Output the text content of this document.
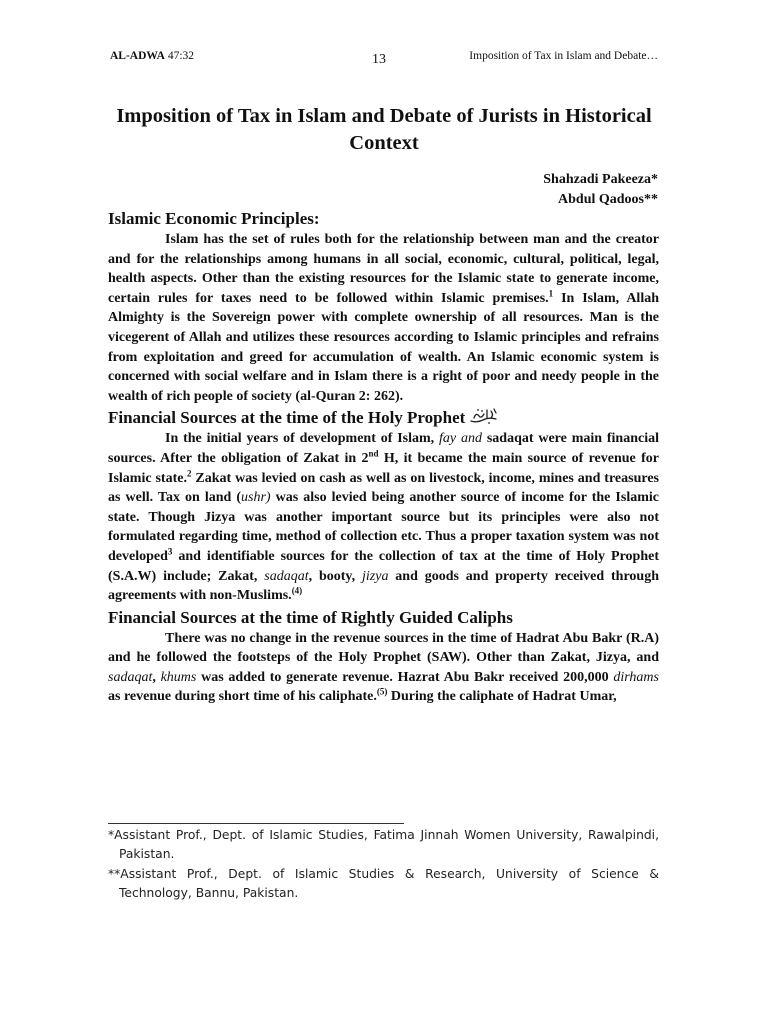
AL-ADWA 47:32	13	Imposition of Tax in Islam and Debate…
Imposition of Tax in Islam and Debate of Jurists in Historical Context
Shahzadi Pakeeza*
Abdul Qadoos**
Islamic Economic Principles:

Islam has the set of rules both for the relationship between man and the creator and for the relationships among humans in all social, economic, cultural, political, legal, health aspects. Other than the existing resources for the Islamic state to generate income, certain rules for taxes need to be followed within Islamic premises.$^1$ In Islam, Allah Almighty is the Sovereign power with complete ownership of all resources. Man is the vicegerent of Allah and utilizes these resources according to Islamic principles and refrains from exploitation and greed for accumulation of wealth. An Islamic economic system is concerned with social welfare and in Islam there is a right of poor and needy people in the wealth of rich people of society (al-Quran 2: 262).

Financial Sources at the time of the Holy Prophet

In the initial years of development of Islam, fay and sadaqat were main financial sources. After the obligation of Zakat in 2nd H, it became the main source of revenue for Islamic state.$^2$ Zakat was levied on cash as well as on livestock, income, mines and treasures as well. Tax on land (ushr) was also levied being another source of income for the Islamic state. Though Jizya was another important source but its principles were also not formulated regarding time, method of collection etc. Thus a proper taxation system was not developed$^3$ and identifiable sources for the collection of tax at the time of Holy Prophet (S.A.W) include; Zakat, sadaqat, booty, jizya and goods and property received through agreements with non-Muslims.$^{(4)}$

Financial Sources at the time of Rightly Guided Caliphs

There was no change in the revenue sources in the time of Hadrat Abu Bakr (R.A) and he followed the footsteps of the Holy Prophet (SAW). Other than Zakat, Jizya, and sadaqat, khums was added to generate revenue. Hazrat Abu Bakr received 200,000 dirhams as revenue during short time of his caliphate.$^{(5)}$ During the caliphate of Hadrat Umar,

*Assistant Prof., Dept. of Islamic Studies, Fatima Jinnah Women University, Rawalpindi, Pakistan.

**Assistant Prof., Dept. of Islamic Studies & Research, University of Science & Technology, Bannu, Pakistan.
